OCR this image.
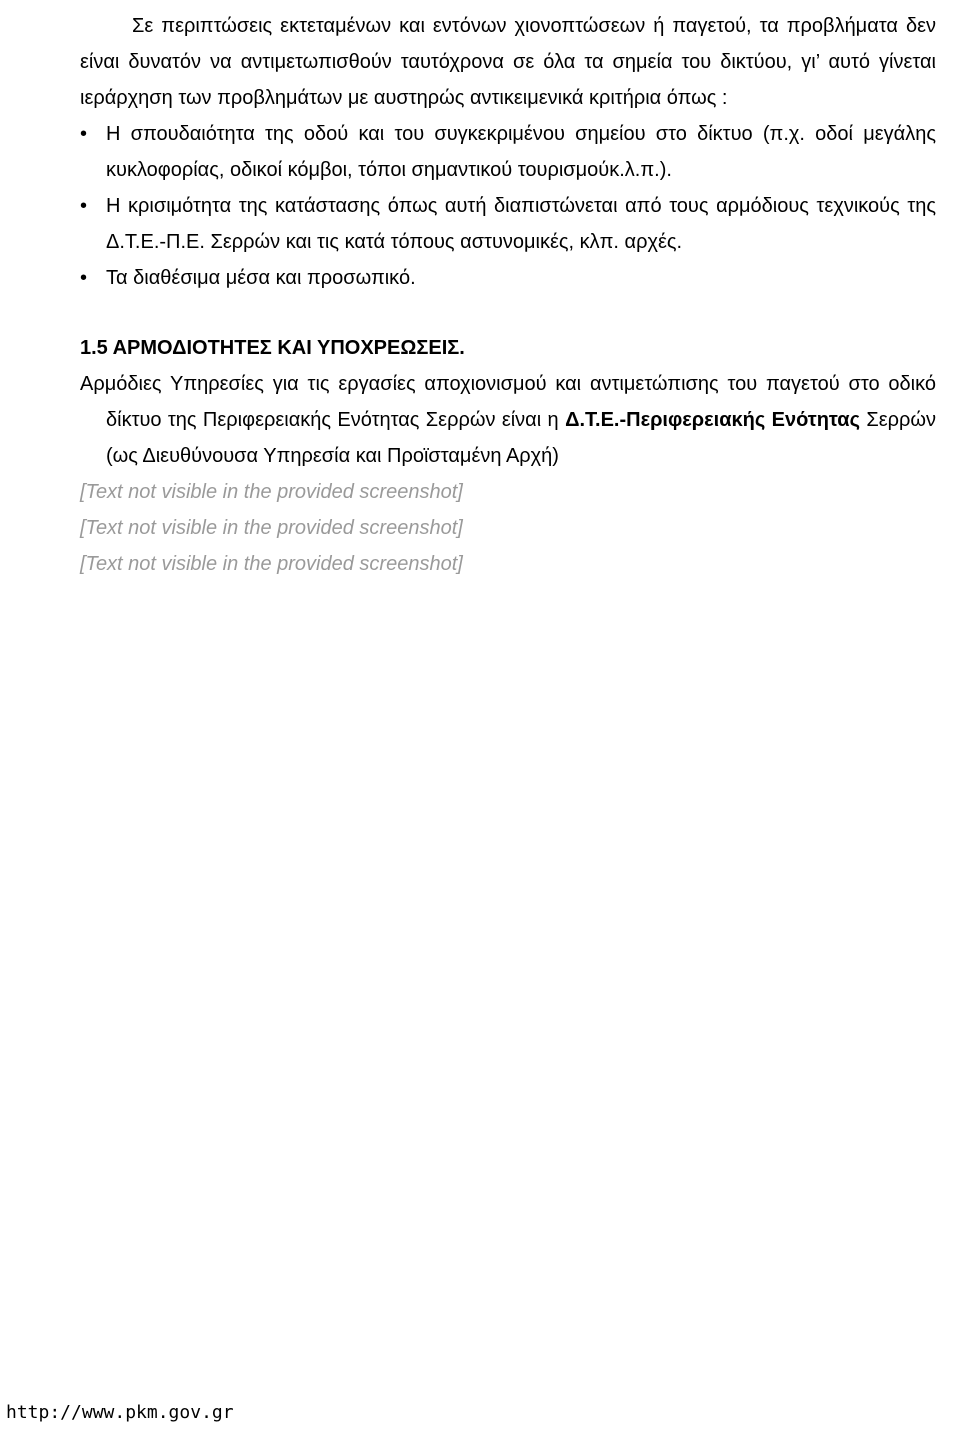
Σε περιπτώσεις εκτεταμένων και εντόνων χιονοπτώσεων ή παγετού, τα προβλήματα δεν είναι δυνατόν να αντιμετωπισθούν ταυτόχρονα σε όλα τα σημεία του δικτύου, γι’ αυτό γίνεται ιεράρχηση των προβλημάτων με αυστηρώς αντικειμενικά κριτήρια όπως :

• Η σπουδαιότητα της οδού και του συγκεκριμένου σημείου στο δίκτυο (π.χ. οδοί μεγάλης κυκλοφορίας, οδικοί κόμβοι, τόποι σημαντικού τουρισμούκ.λ.π.).
• Η κρισιμότητα της κατάστασης όπως αυτή διαπιστώνεται από τους αρμόδιους τεχνικούς της Δ.Τ.Ε.-Π.Ε. Σερρών και τις κατά τόπους αστυνομικές, κλπ. αρχές.
• Τα διαθέσιμα μέσα και προσωπικό.

1.5 ΑΡΜΟΔΙΟΤΗΤΕΣ ΚΑΙ ΥΠΟΧΡΕΩΣΕΙΣ.

Αρμόδιες Υπηρεσίες για τις εργασίες αποχιονισμού και αντιμετώπισης του παγετού στο οδικό δίκτυο της Περιφερειακής Ενότητας Σερρών είναι η Δ.Τ.Ε.-Περιφερειακής Ενότητας Σερρών (ως Διευθύνουσα Υπηρεσία και Προϊσταμένη Αρχή)

[Text not visible in the provided screenshot]
[Text not visible in the provided screenshot]
[Text not visible in the provided screenshot]
http://www.pkm.gov.gr
